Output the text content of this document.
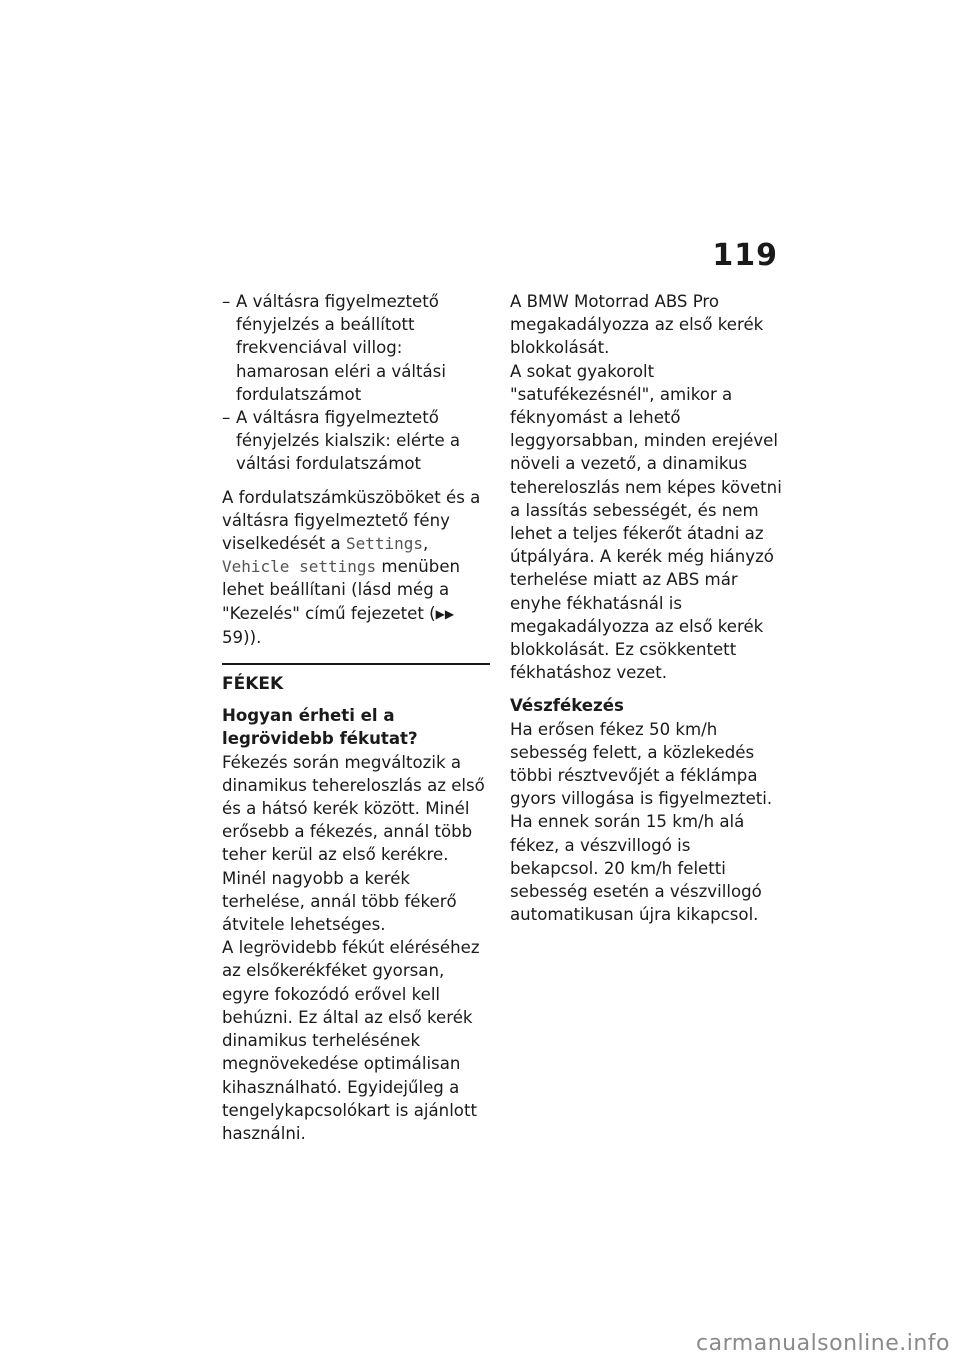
119
– A váltásra figyelmeztető fényjelzés a beállított frekvenciával villog: hamarosan eléri a váltási fordulatszámot
– A váltásra figyelmeztető fényjelzés kialszik: elérte a váltási fordulatszámot

A fordulatszámküszöböket és a váltásra figyelmeztető fény viselkedését a Settings, Vehicle settings menüben lehet beállítani (lásd még a "Kezelés" című fejezetet (▶▶ 59)).

FÉKEK

Hogyan érheti el a legrövidebb fékutat?

Fékezés során megváltozik a dinamikus tehereloszlás az első és a hátsó kerék között. Minél erősebb a fékezés, annál több teher kerül az első kerékre. Minél nagyobb a kerék terhelése, annál több fékerő átvitele lehetséges.

A legrövidebb fékút eléréséhez az elsőkerékféket gyorsan, egyre fokozódó erővel kell behúzni. Ez által az első kerék dinamikus terhelésének megnövekedése optimálisan kihasználható. Egyidejűleg a tengelykapcsolókart is ajánlott használni.

A BMW Motorrad ABS Pro megakadályozza az első kerék blokkolását.

A sokat gyakorolt "satufékezésnél", amikor a féknyomást a lehető leggyorsabban, minden erejével növeli a vezető, a dinamikus tehereloszlás nem képes követni a lassítás sebességét, és nem lehet a teljes fékerőt átadni az útpályára. A kerék még hiányzó terhelése miatt az ABS már enyhe fékhatásnál is megakadályozza az első kerék blokkolását. Ez csökkentett fékhatáshoz vezet.

Vészfékezés

Ha erősen fékez 50 km/h sebesség felett, a közlekedés többi résztvevőjét a féklámpa gyors villogása is figyelmezteti.

Ha ennek során 15 km/h alá fékez, a vészvillogó is bekapcsol. 20 km/h feletti sebesség esetén a vészvillogó automatikusan újra kikapcsol.

carmanualsonline.info
